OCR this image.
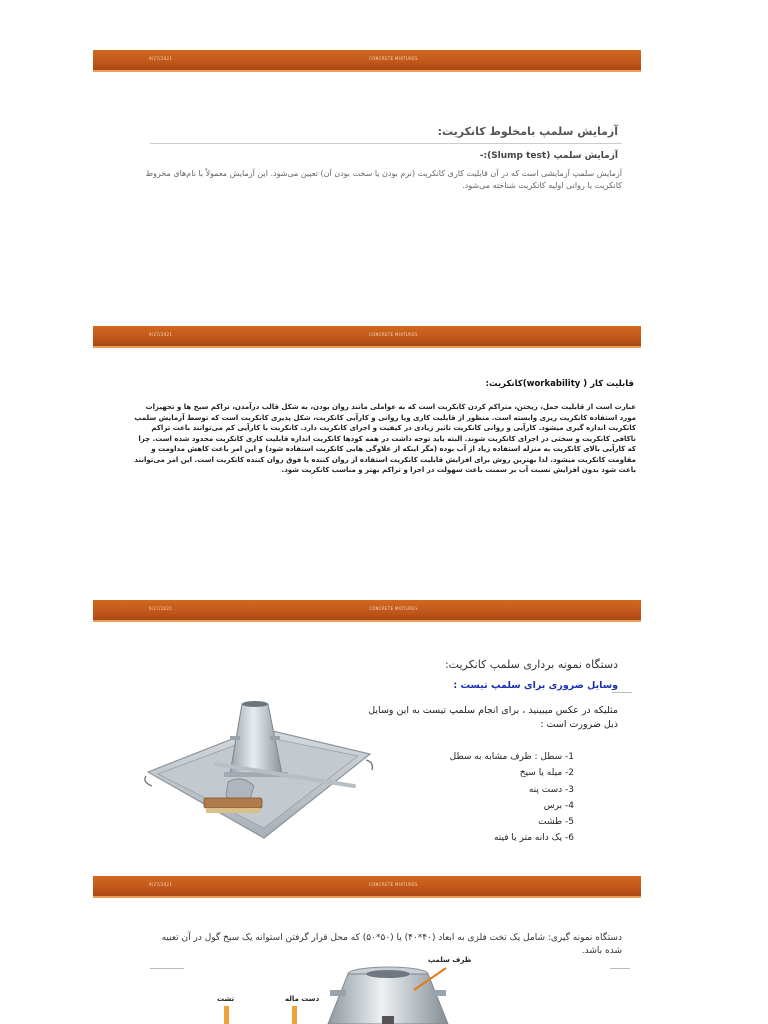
9/27/2021	CONCRETE MIXTURES
آزمایش سلمپ بامخلوط کانکریت:
آزمایش سلمپ (Slump test):-
آزمایش سلمپ آزمایشی است که در آن قابلیت کاری کانکریت (نرم بودن یا سخت بودن آن) تعیین می‌شود. این آزمایش معمولاً با نام‌های مخروط کانکریت یا روانی اولیه کانکریت شناخته می‌شود.
9/27/2021	CONCRETE MIXTURES
قابلیت کار ( workability)کانکریت:
عبارت است از قابلیت حمل، ریختن، متراکم کردن کانکریت است که به عواملی مانند روان بودن، به شکل قالب درآمدن، تراکم سیخ ها و تجهیزات مورد استفاده کانکریت ریزی وابسته است. منظور از قابلیت کاری ویا روانی و کارآیی کانکریت، شکل پذیری کانکریت است که توسط آزمایش سلمپ کانکریت اندازه گیری میشود. کارآیی و روانی کانکریت تاثیر زیادی در کیفیت و اجرای کانکریت دارد. کانکریت با کارآیی کم می‌توانند باعث تراکم ناکافی کانکریت و سختی در اجرای کانکریت شوند. البته باید توجه داشت در همه کودها کانکریت اندازه قابلیت کاری کانکریت محدود شده است. چرا که کارآیی بالای کانکریت به منزله استفاده زیاد از آب بوده (مگر اینکه از علاوگی هایی کانکریت استفاده شود) و این امر باعث کاهش مداومت و مقاومت کانکریت میشود. لذا بهترین روش برای افزایش قابلیت کانکریت استفاده از روان کننده یا فوق روان کننده کانکریت است. این امر می‌توانند باعث شود بدون افزایش نسبت آب بر سمنت باعث سهولت در اجرا و تراکم بهتر و مناسب کانکریت شود.
9/27/2021	CONCRETE MIXTURES
دستگاه نمونه برداری سلمپ کانکریت:
وسایل ضروری برای سلمپ تیست :
مثلیکه در عکس میبینید ، برای انجام سلمپ تیست به این وسایل ذیل ضرورت است :
1- سطل : ظرف مشابه به سطل
2- میله یا سیخ
3- دست پنه
4- برس
5- طشت
6- یک دانه متر یا فیته
9/27/2021	CONCRETE MIXTURES
دستگاه نمونه گیری: شامل یک تخت فلزی به ابعاد (۴۰*۴۰) یا (۵۰*۵۰) که محل قرار گرفتن استوانه یک سیخ گول در آن تعبیه شده باشد.
ظرف سلمپ
دست ماله
تشت
